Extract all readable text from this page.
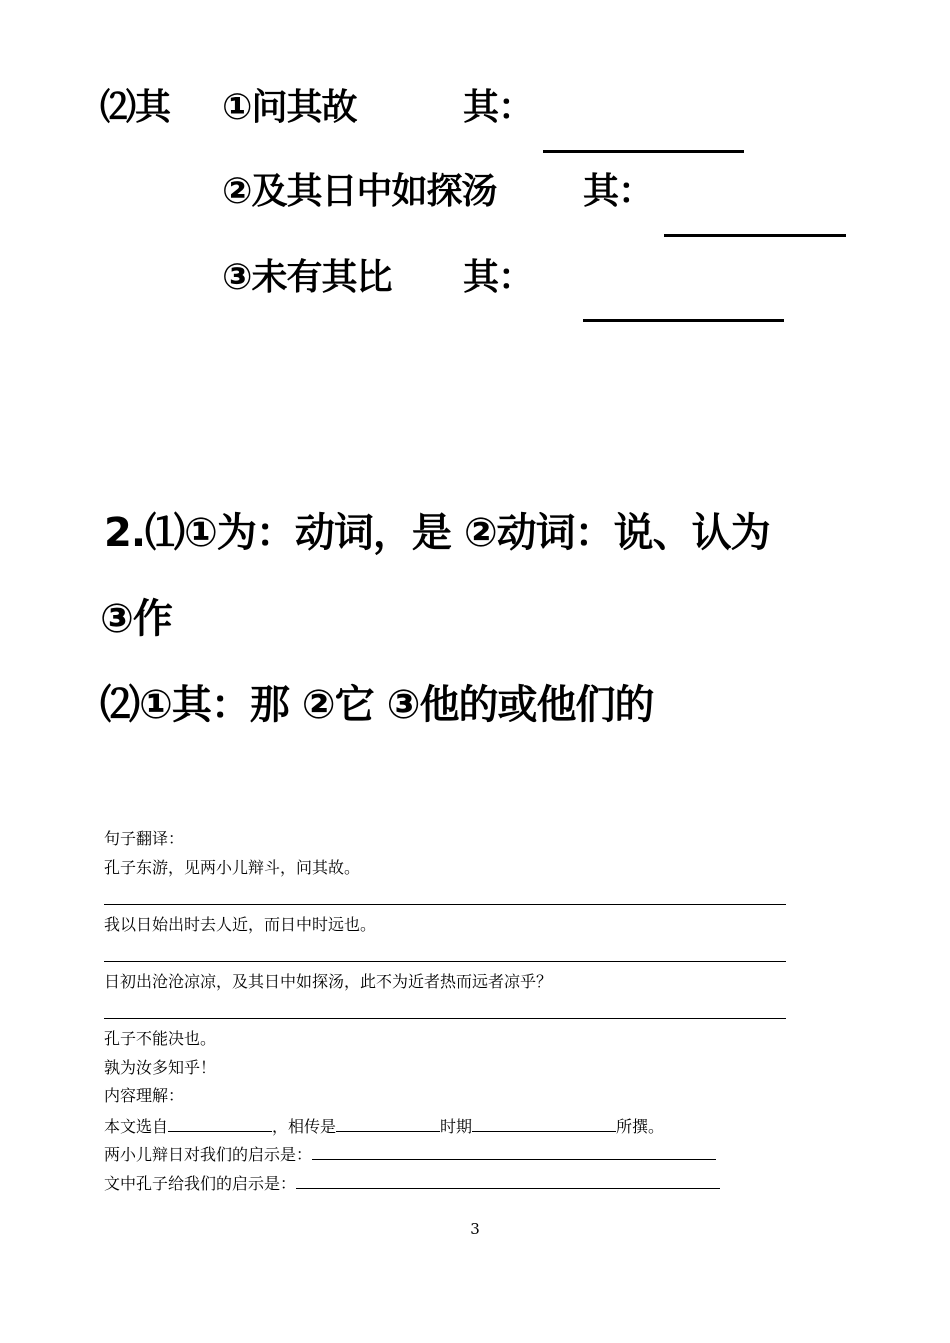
⑵其 ①问其故	其：
②及其日中如探汤 其：
③未有其比 其：
2.⑴①为：动词，是 ②动词：说、认为
③作
⑵①其：那 ②它 ③他的或他们的
句子翻译：
孔子东游，见两小儿辩斗，问其故。
我以日始出时去人近，而日中时远也。
日初出沧沧凉凉，及其日中如探汤，此不为近者热而远者凉乎？
孔子不能决也。
孰为汝多知乎！
内容理解：
本文选自	，相传是	时期	所撰。
两小儿辩日对我们的启示是：
文中孔子给我们的启示是：
3
